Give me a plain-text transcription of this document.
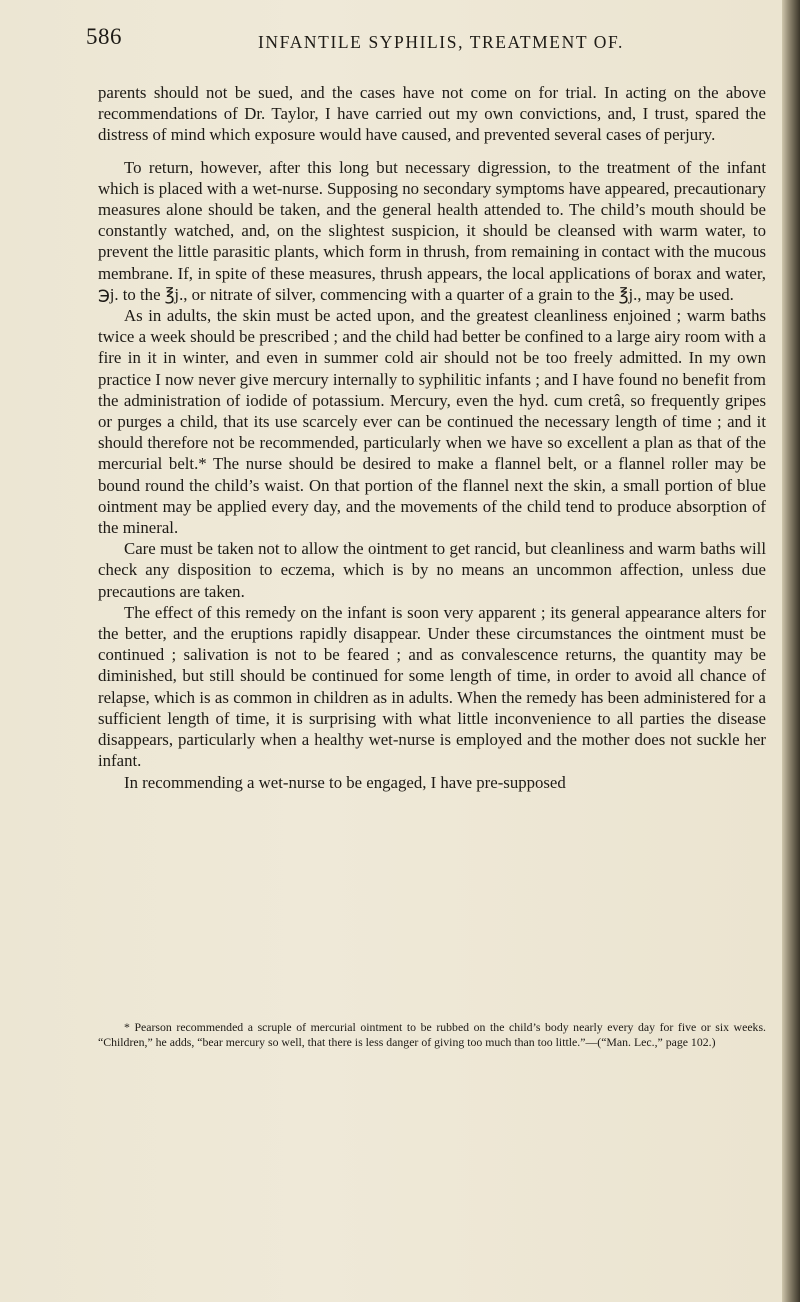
586	INFANTILE SYPHILIS, TREATMENT OF.

parents should not be sued, and the cases have not come on for trial. In acting on the above recommendations of Dr. Taylor, I have carried out my own convictions, and, I trust, spared the distress of mind which exposure would have caused, and prevented several cases of perjury.

To return, however, after this long but necessary digression, to the treatment of the infant which is placed with a wet-nurse. Supposing no secondary symptoms have appeared, precautionary measures alone should be taken, and the general health attended to. The child’s mouth should be constantly watched, and, on the slightest suspicion, it should be cleansed with warm water, to prevent the little parasitic plants, which form in thrush, from remaining in contact with the mucous membrane. If, in spite of these measures, thrush appears, the local applications of borax and water, ℈j. to the ℥j., or nitrate of silver, commencing with a quarter of a grain to the ℥j., may be used.

As in adults, the skin must be acted upon, and the greatest cleanliness enjoined ; warm baths twice a week should be prescribed ; and the child had better be confined to a large airy room with a fire in it in winter, and even in summer cold air should not be too freely admitted. In my own practice I now never give mercury internally to syphilitic infants ; and I have found no benefit from the administration of iodide of potassium. Mercury, even the hyd. cum cretâ, so frequently gripes or purges a child, that its use scarcely ever can be continued the necessary length of time ; and it should therefore not be recommended, particularly when we have so excellent a plan as that of the mercurial belt.* The nurse should be desired to make a flannel belt, or a flannel roller may be bound round the child’s waist. On that portion of the flannel next the skin, a small portion of blue ointment may be applied every day, and the movements of the child tend to produce absorption of the mineral.

Care must be taken not to allow the ointment to get rancid, but cleanliness and warm baths will check any disposition to eczema, which is by no means an uncommon affection, unless due precautions are taken.

The effect of this remedy on the infant is soon very apparent ; its general appearance alters for the better, and the eruptions rapidly disappear. Under these circumstances the ointment must be continued ; salivation is not to be feared ; and as convalescence returns, the quantity may be diminished, but still should be continued for some length of time, in order to avoid all chance of relapse, which is as common in children as in adults. When the remedy has been administered for a sufficient length of time, it is surprising with what little inconvenience to all parties the disease disappears, particularly when a healthy wet-nurse is employed and the mother does not suckle her infant.

In recommending a wet-nurse to be engaged, I have pre-supposed

* Pearson recommended a scruple of mercurial ointment to be rubbed on the child’s body nearly every day for five or six weeks. “Children,” he adds, “bear mercury so well, that there is less danger of giving too much than too little.”—(“Man. Lec.,” page 102.)
